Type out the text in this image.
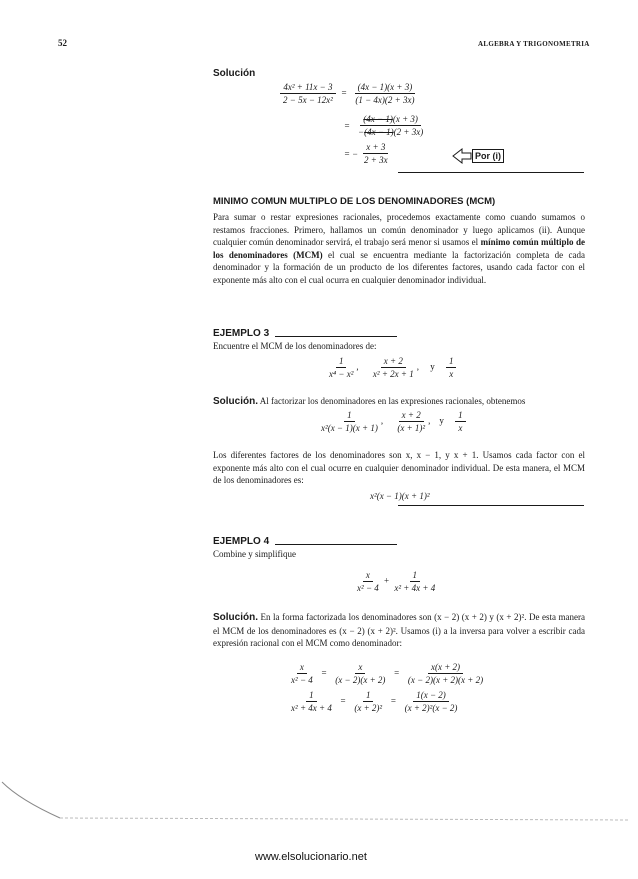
52	ALGEBRA Y TRIGONOMETRIA
Solución
$\frac{\text{4x² + 11x − 3}}{\text{2 − 5x − 12x²}} = \frac{(4x - 1)(x + 3)}{(1 - 4x)(2 + 3x)}$
= $\frac{(4x - 1)(x + 3)}{-(4x - 1)(2 + 3x)}$
= − $\frac{x + 3}{2 + 3x}$	Por (i)
MINIMO COMUN MULTIPLO DE LOS DENOMINADORES (MCM)
Para sumar o restar expresiones racionales, procedemos exactamente como cuando sumamos o restamos fracciones. Primero, hallamos un común denominador y luego aplicamos (ii). Aunque cualquier común denominador servirá, el trabajo será menor si usamos el mínimo común múltiplo de los denominadores (MCM) el cual se encuentra mediante la factorización completa de cada denominador y la formación de un producto de los diferentes factores, usando cada factor con el exponente más alto con el cual ocurra en cualquier denominador individual.
EJEMPLO 3
Encuentre el MCM de los denominadores de:
$\frac{1}{\text{x⁴ − x²}}$ , $\frac{x + 2}{\text{x² + 2x + 1}}$ ,     y $\frac{1}{x}$
Solución. Al factorizar los denominadores en las expresiones racionales, obtenemos
$\frac{1}{\text{x²(x − 1)(x + 1)}}$ , $\frac{x + 2}{\text{(x + 1)²}}$ ,    y $\frac{1}{x}$
Los diferentes factores de los denominadores son x, x − 1, y x + 1. Usamos cada factor con el exponente más alto con el cual ocurre en cualquier denominador individual. De esta manera, el MCM de los denominadores es:
x²(x − 1)(x + 1)²
EJEMPLO 4
Combine y simplifique
$\frac{x}{\text{x² − 4}} + \frac{1}{\text{x² + 4x + 4}}$
Solución. En la forma factorizada los denominadores son (x − 2) (x + 2) y (x + 2)². De esta manera el MCM de los denominadores es (x − 2) (x + 2)². Usamos (i) a la inversa para volver a escribir cada expresión racional con el MCM como denominador:
$\frac{x}{\text{x² − 4}} = \frac{x}{(x - 2)(x + 2)} = \frac{x(x + 2)}{(x - 2)(x + 2)(x + 2)}$
$\frac{1}{\text{x² + 4x + 4}} = \frac{1}{\text{(x + 2)²}} = \frac{1(x - 2)}{\text{(x + 2)²(x − 2)}}$
www.elsolucionario.net
